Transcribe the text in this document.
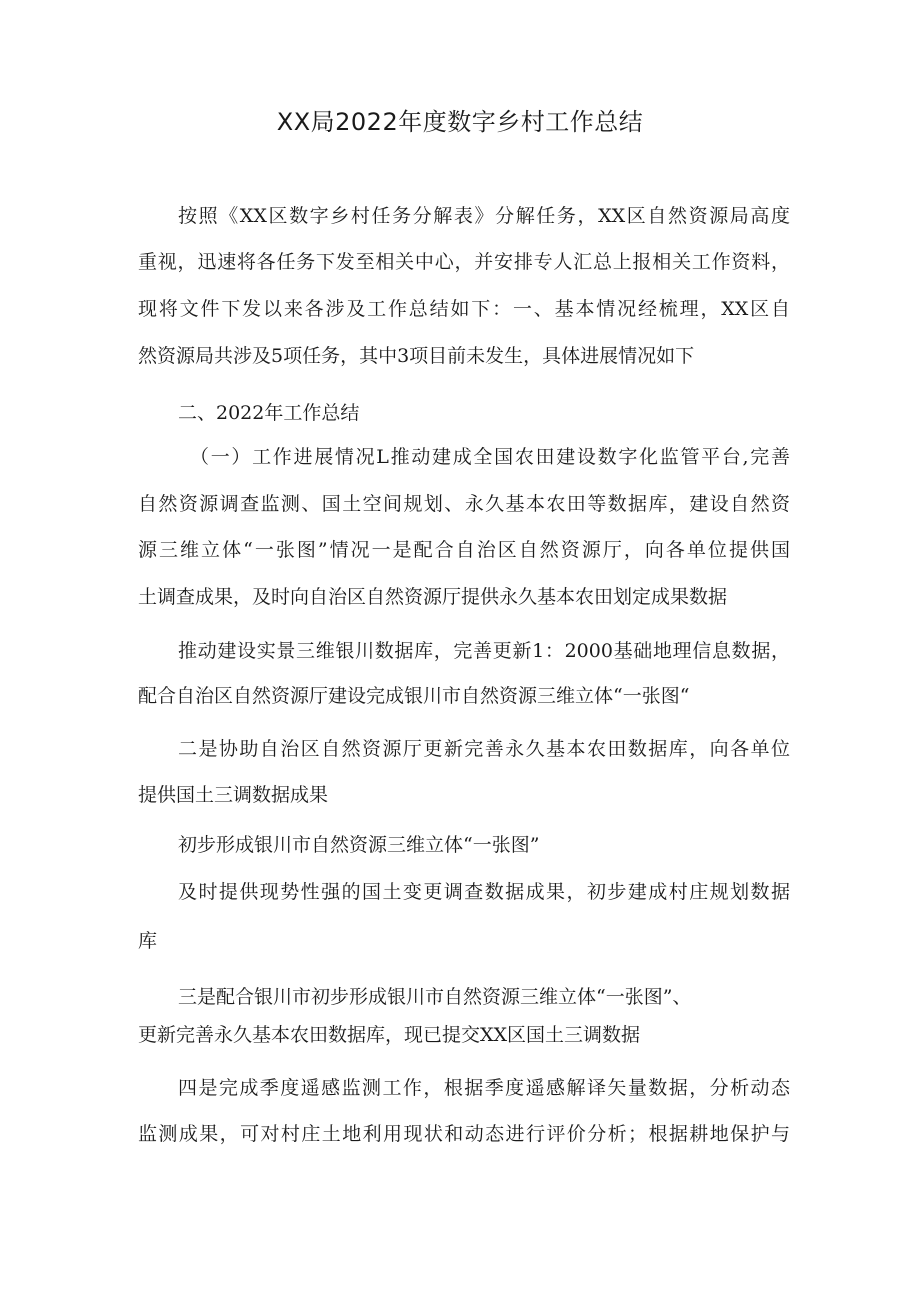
XX局2022年度数字乡村工作总结
按照《XX区数字乡村任务分解表》分解任务，XX区自然资源局高度
重视，迅速将各任务下发至相关中心，并安排专人汇总上报相关工作资料，
现将文件下发以来各涉及工作总结如下：一、基本情况经梳理，XX区自
然资源局共涉及5项任务，其中3项目前未发生，具体进展情况如下
二、2022年工作总结
（一）工作进展情况L推动建成全国农田建设数字化监管平台,完善
自然资源调查监测、国土空间规划、永久基本农田等数据库，建设自然资
源三维立体“一张图”情况一是配合自治区自然资源厅，向各单位提供国
土调查成果，及时向自治区自然资源厅提供永久基本农田划定成果数据
推动建设实景三维银川数据库，完善更新1：2000基础地理信息数据，
配合自治区自然资源厅建设完成银川市自然资源三维立体“一张图“
二是协助自治区自然资源厅更新完善永久基本农田数据库，向各单位
提供国土三调数据成果
初步形成银川市自然资源三维立体“一张图”
及时提供现势性强的国土变更调查数据成果，初步建成村庄规划数据
库
三是配合银川市初步形成银川市自然资源三维立体“一张图”、
更新完善永久基本农田数据库，现已提交XX区国土三调数据
四是完成季度遥感监测工作，根据季度遥感解译矢量数据，分析动态
监测成果，可对村庄土地利用现状和动态进行评价分析；根据耕地保护与
